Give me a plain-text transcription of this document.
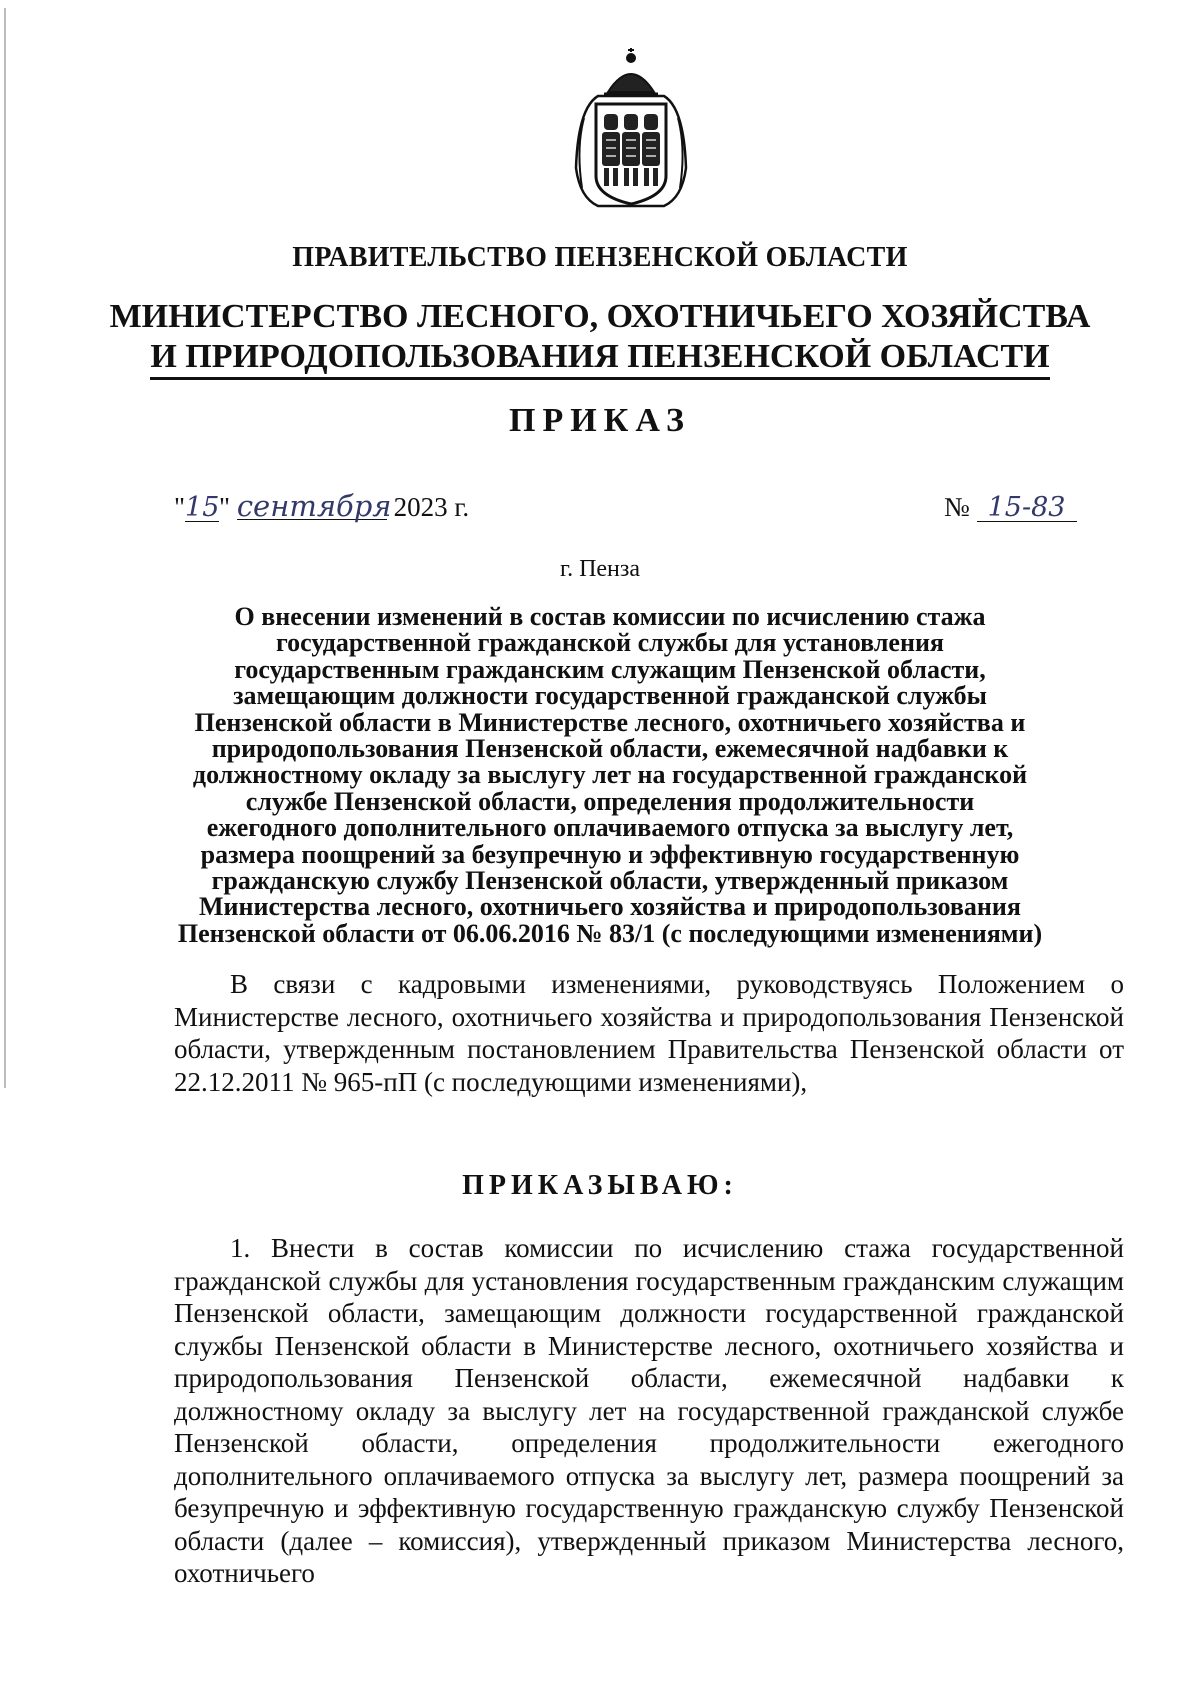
ПРАВИТЕЛЬСТВО ПЕНЗЕНСКОЙ ОБЛАСТИ
МИНИСТЕРСТВО ЛЕСНОГО, ОХОТНИЧЬЕГО ХОЗЯЙСТВА
И ПРИРОДОПОЛЬЗОВАНИЯ ПЕНЗЕНСКОЙ ОБЛАСТИ
ПРИКАЗ
"15" сентября 2023 г.	№ 15-83
г. Пенза
О внесении изменений в состав комиссии по исчислению стажа
государственной гражданской службы для установления
государственным гражданским служащим Пензенской области,
замещающим должности государственной гражданской службы
Пензенской области в Министерстве лесного, охотничьего хозяйства и
природопользования Пензенской области, ежемесячной надбавки к
должностному окладу за выслугу лет на государственной гражданской
службе Пензенской области, определения продолжительности
ежегодного дополнительного оплачиваемого отпуска за выслугу лет,
размера поощрений за безупречную и эффективную государственную
гражданскую службу Пензенской области, утвержденный приказом
Министерства лесного, охотничьего хозяйства и природопользования
Пензенской области от 06.06.2016 № 83/1 (с последующими изменениями)
В связи с кадровыми изменениями, руководствуясь Положением о Министерстве лесного, охотничьего хозяйства и природопользования Пензенской области, утвержденным постановлением Правительства Пензенской области от 22.12.2011 № 965-пП (с последующими изменениями),
ПРИКАЗЫВАЮ:
1. Внести в состав комиссии по исчислению стажа государственной гражданской службы для установления государственным гражданским служащим Пензенской области, замещающим должности государственной гражданской службы Пензенской области в Министерстве лесного, охотничьего хозяйства и природопользования Пензенской области, ежемесячной надбавки к должностному окладу за выслугу лет на государственной гражданской службе Пензенской области, определения продолжительности ежегодного дополнительного оплачиваемого отпуска за выслугу лет, размера поощрений за безупречную и эффективную государственную гражданскую службу Пензенской области (далее – комиссия), утвержденный приказом Министерства лесного, охотничьего
